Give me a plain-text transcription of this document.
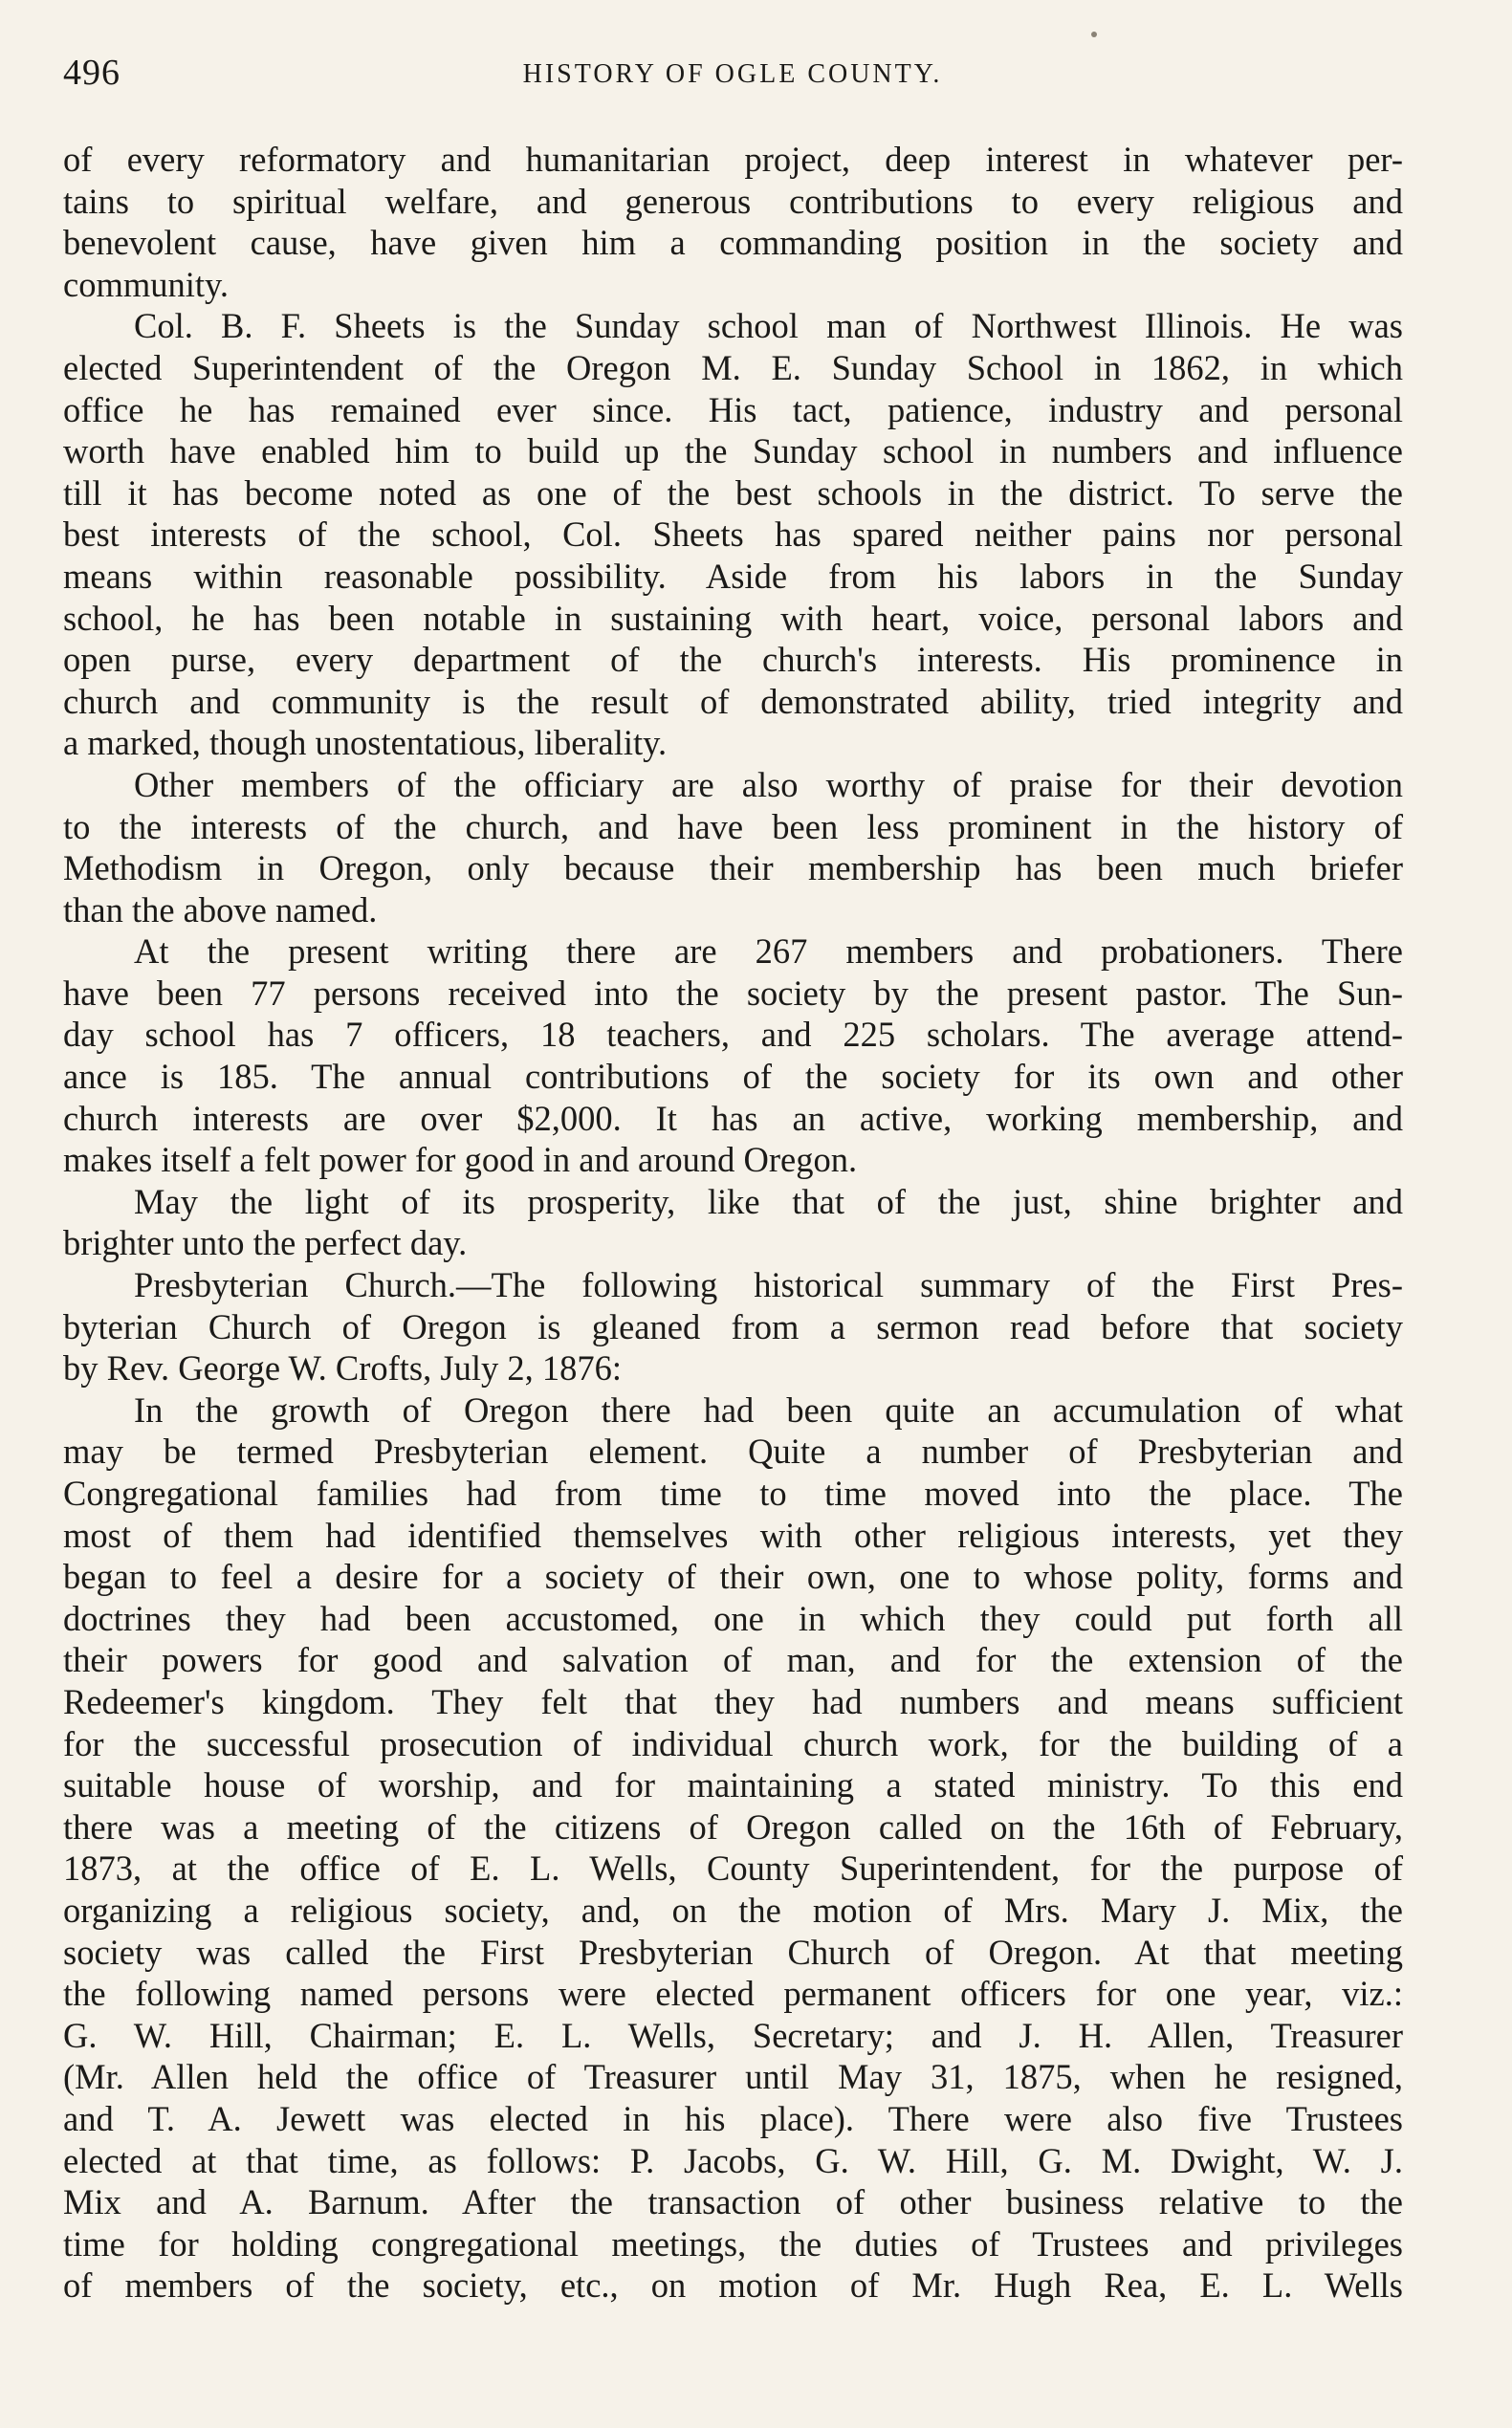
496	HISTORY OF OGLE COUNTY.
of every reformatory and humanitarian project, deep interest in whatever per-
tains to spiritual welfare, and generous contributions to every religious and
benevolent cause, have given him a commanding position in the society and
community.
Col. B. F. Sheets is the Sunday school man of Northwest Illinois. He was
elected Superintendent of the Oregon M. E. Sunday School in 1862, in which
office he has remained ever since. His tact, patience, industry and personal
worth have enabled him to build up the Sunday school in numbers and influence
till it has become noted as one of the best schools in the district. To serve the
best interests of the school, Col. Sheets has spared neither pains nor personal
means within reasonable possibility. Aside from his labors in the Sunday
school, he has been notable in sustaining with heart, voice, personal labors and
open purse, every department of the church's interests. His prominence in
church and community is the result of demonstrated ability, tried integrity and
a marked, though unostentatious, liberality.
Other members of the officiary are also worthy of praise for their devotion
to the interests of the church, and have been less prominent in the history of
Methodism in Oregon, only because their membership has been much briefer
than the above named.
At the present writing there are 267 members and probationers. There
have been 77 persons received into the society by the present pastor. The Sun-
day school has 7 officers, 18 teachers, and 225 scholars. The average attend-
ance is 185. The annual contributions of the society for its own and other
church interests are over $2,000. It has an active, working membership, and
makes itself a felt power for good in and around Oregon.
May the light of its prosperity, like that of the just, shine brighter and
brighter unto the perfect day.
Presbyterian Church.—The following historical summary of the First Pres-
byterian Church of Oregon is gleaned from a sermon read before that society
by Rev. George W. Crofts, July 2, 1876:
In the growth of Oregon there had been quite an accumulation of what
may be termed Presbyterian element. Quite a number of Presbyterian and
Congregational families had from time to time moved into the place. The
most of them had identified themselves with other religious interests, yet they
began to feel a desire for a society of their own, one to whose polity, forms and
doctrines they had been accustomed, one in which they could put forth all
their powers for good and salvation of man, and for the extension of the
Redeemer's kingdom. They felt that they had numbers and means sufficient
for the successful prosecution of individual church work, for the building of a
suitable house of worship, and for maintaining a stated ministry. To this end
there was a meeting of the citizens of Oregon called on the 16th of February,
1873, at the office of E. L. Wells, County Superintendent, for the purpose of
organizing a religious society, and, on the motion of Mrs. Mary J. Mix, the
society was called the First Presbyterian Church of Oregon. At that meeting
the following named persons were elected permanent officers for one year, viz.:
G. W. Hill, Chairman; E. L. Wells, Secretary; and J. H. Allen, Treasurer
(Mr. Allen held the office of Treasurer until May 31, 1875, when he resigned,
and T. A. Jewett was elected in his place). There were also five Trustees
elected at that time, as follows: P. Jacobs, G. W. Hill, G. M. Dwight, W. J.
Mix and A. Barnum. After the transaction of other business relative to the
time for holding congregational meetings, the duties of Trustees and privileges
of members of the society, etc., on motion of Mr. Hugh Rea, E. L. Wells
